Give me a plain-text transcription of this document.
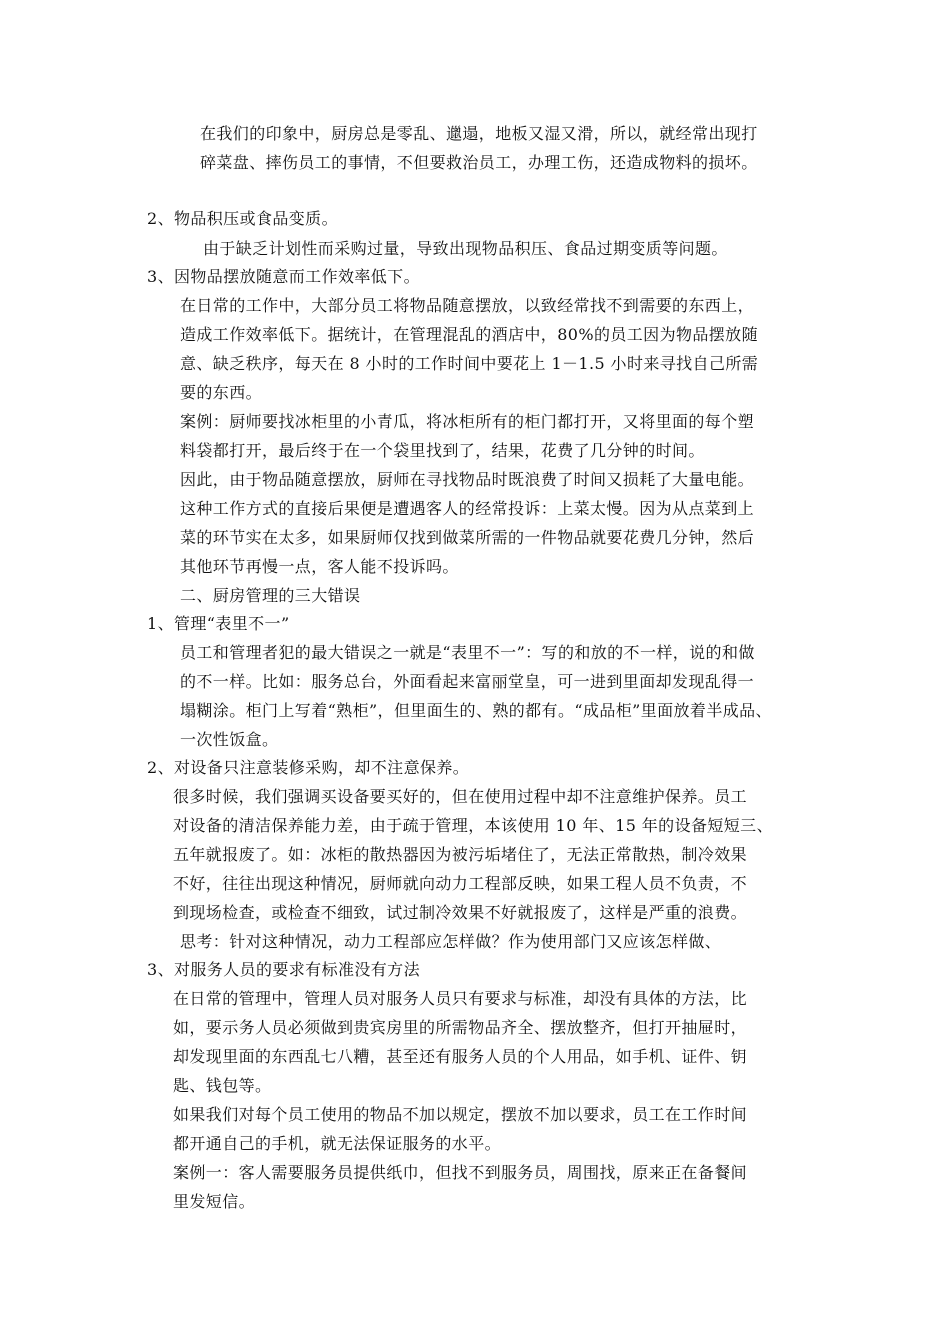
在我们的印象中，厨房总是零乱、邋遢，地板又湿又滑，所以，就经常出现打
碎菜盘、摔伤员工的事情，不但要救治员工，办理工伤，还造成物料的损坏。
2、物品积压或食品变质。
由于缺乏计划性而采购过量，导致出现物品积压、食品过期变质等问题。
3、因物品摆放随意而工作效率低下。
在日常的工作中，大部分员工将物品随意摆放，以致经常找不到需要的东西上，
造成工作效率低下。据统计，在管理混乱的酒店中，80%的员工因为物品摆放随
意、缺乏秩序，每天在 8 小时的工作时间中要花上 1－1.5 小时来寻找自己所需
要的东西。
案例：厨师要找冰柜里的小青瓜，将冰柜所有的柜门都打开，又将里面的每个塑
料袋都打开，最后终于在一个袋里找到了，结果，花费了几分钟的时间。
因此，由于物品随意摆放，厨师在寻找物品时既浪费了时间又损耗了大量电能。
这种工作方式的直接后果便是遭遇客人的经常投诉：上菜太慢。因为从点菜到上
菜的环节实在太多，如果厨师仅找到做菜所需的一件物品就要花费几分钟，然后
其他环节再慢一点，客人能不投诉吗。
二、厨房管理的三大错误
1、管理“表里不一”
员工和管理者犯的最大错误之一就是“表里不一”：写的和放的不一样，说的和做
的不一样。比如：服务总台，外面看起来富丽堂皇，可一进到里面却发现乱得一
塌糊涂。柜门上写着“熟柜”，但里面生的、熟的都有。“成品柜”里面放着半成品、
一次性饭盒。
2、对设备只注意装修采购，却不注意保养。
很多时候，我们强调买设备要买好的，但在使用过程中却不注意维护保养。员工
对设备的清洁保养能力差，由于疏于管理，本该使用 10 年、15 年的设备短短三、
五年就报废了。如：冰柜的散热器因为被污垢堵住了，无法正常散热，制冷效果
不好，往往出现这种情况，厨师就向动力工程部反映，如果工程人员不负责，不
到现场检查，或检查不细致，试过制冷效果不好就报废了，这样是严重的浪费。
思考：针对这种情况，动力工程部应怎样做？作为使用部门又应该怎样做、
3、对服务人员的要求有标准没有方法
在日常的管理中，管理人员对服务人员只有要求与标准，却没有具体的方法，比
如，要示务人员必须做到贵宾房里的所需物品齐全、摆放整齐，但打开抽屉时，
却发现里面的东西乱七八糟，甚至还有服务人员的个人用品，如手机、证件、钥
匙、钱包等。
如果我们对每个员工使用的物品不加以规定，摆放不加以要求，员工在工作时间
都开通自己的手机，就无法保证服务的水平。
案例一：客人需要服务员提供纸巾，但找不到服务员，周围找，原来正在备餐间
里发短信。
